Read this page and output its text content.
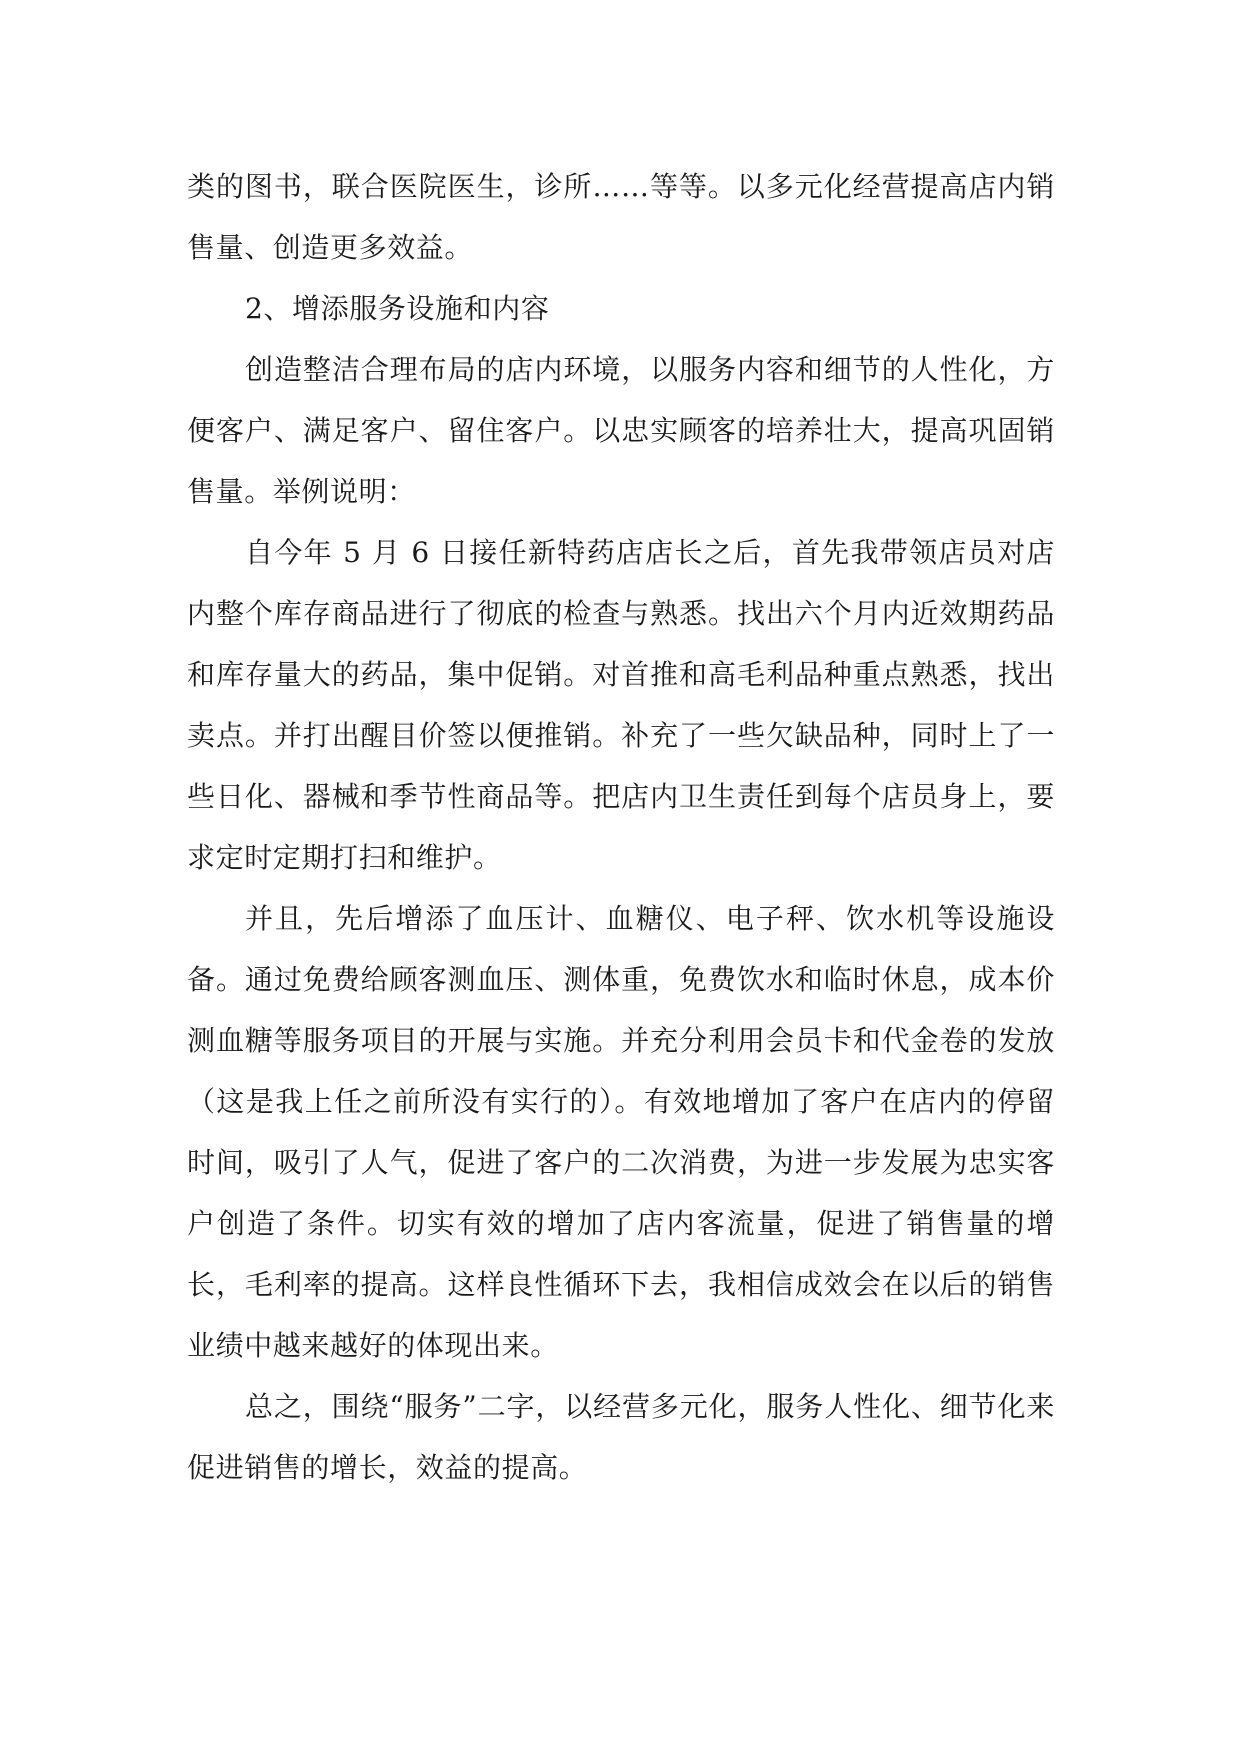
类的图书，联合医院医生，诊所……等等。以多元化经营提高店内销售量、创造更多效益。

2、增添服务设施和内容

创造整洁合理布局的店内环境，以服务内容和细节的人性化，方便客户、满足客户、留住客户。以忠实顾客的培养壮大，提高巩固销售量。举例说明：

自今年 5 月 6 日接任新特药店店长之后，首先我带领店员对店内整个库存商品进行了彻底的检查与熟悉。找出六个月内近效期药品和库存量大的药品，集中促销。对首推和高毛利品种重点熟悉，找出卖点。并打出醒目价签以便推销。补充了一些欠缺品种，同时上了一些日化、器械和季节性商品等。把店内卫生责任到每个店员身上，要求定时定期打扫和维护。

并且，先后增添了血压计、血糖仪、电子秤、饮水机等设施设备。通过免费给顾客测血压、测体重，免费饮水和临时休息，成本价测血糖等服务项目的开展与实施。并充分利用会员卡和代金卷的发放（这是我上任之前所没有实行的）。有效地增加了客户在店内的停留时间，吸引了人气，促进了客户的二次消费，为进一步发展为忠实客户创造了条件。切实有效的增加了店内客流量，促进了销售量的增长，毛利率的提高。这样良性循环下去，我相信成效会在以后的销售业绩中越来越好的体现出来。

总之，围绕“服务”二字，以经营多元化，服务人性化、细节化来促进销售的增长，效益的提高。
